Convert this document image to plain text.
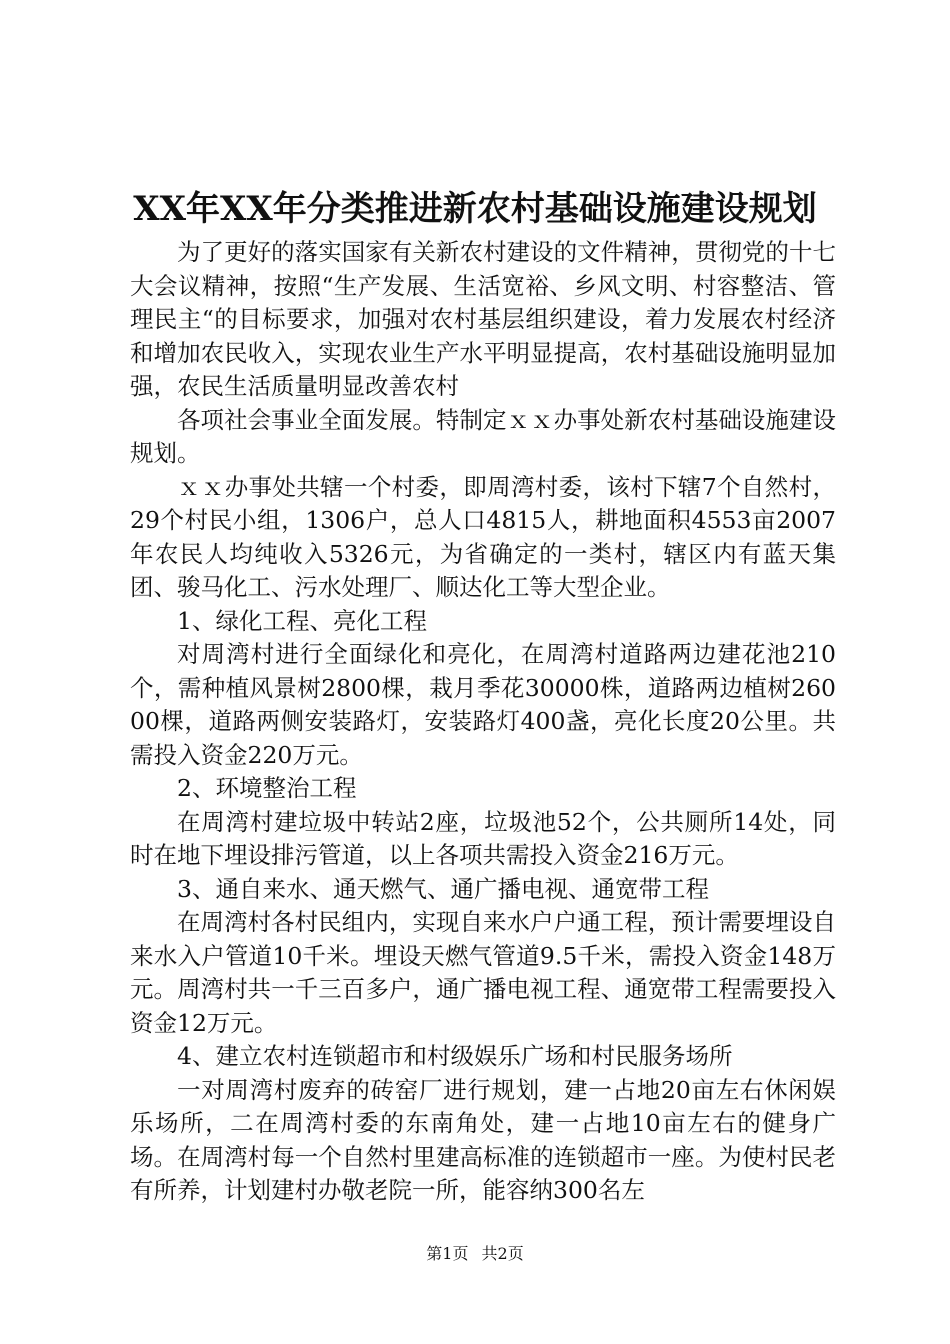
XX年XX年分类推进新农村基础设施建设规划

为了更好的落实国家有关新农村建设的文件精神，贯彻党的十七大会议精神，按照“生产发展、生活宽裕、乡风文明、村容整洁、管理民主“的目标要求，加强对农村基层组织建设，着力发展农村经济和增加农民收入，实现农业生产水平明显提高，农村基础设施明显加强，农民生活质量明显改善农村

各项社会事业全面发展。特制定ｘｘ办事处新农村基础设施建设规划。

ｘｘ办事处共辖一个村委，即周湾村委，该村下辖7个自然村，29个村民小组，1306户，总人口4815人，耕地面积4553亩2007年农民人均纯收入5326元，为省确定的一类村，辖区内有蓝天集团、骏马化工、污水处理厂、顺达化工等大型企业。

1、绿化工程、亮化工程

对周湾村进行全面绿化和亮化，在周湾村道路两边建花池210个，需种植风景树2800棵，栽月季花30000株，道路两边植树26000棵，道路两侧安装路灯，安装路灯400盏，亮化长度20公里。共需投入资金220万元。

2、环境整治工程

在周湾村建垃圾中转站2座，垃圾池52个，公共厕所14处，同时在地下埋设排污管道，以上各项共需投入资金216万元。

3、通自来水、通天燃气、通广播电视、通宽带工程

在周湾村各村民组内，实现自来水户户通工程，预计需要埋设自来水入户管道10千米。埋设天燃气管道9.5千米，需投入资金148万元。周湾村共一千三百多户，通广播电视工程、通宽带工程需要投入资金12万元。

4、建立农村连锁超市和村级娱乐广场和村民服务场所

一对周湾村废弃的砖窑厂进行规划，建一占地20亩左右休闲娱乐场所，二在周湾村委的东南角处，建一占地10亩左右的健身广场。在周湾村每一个自然村里建高标准的连锁超市一座。为使村民老有所养，计划建村办敬老院一所，能容纳300名左

第1页 共2页
